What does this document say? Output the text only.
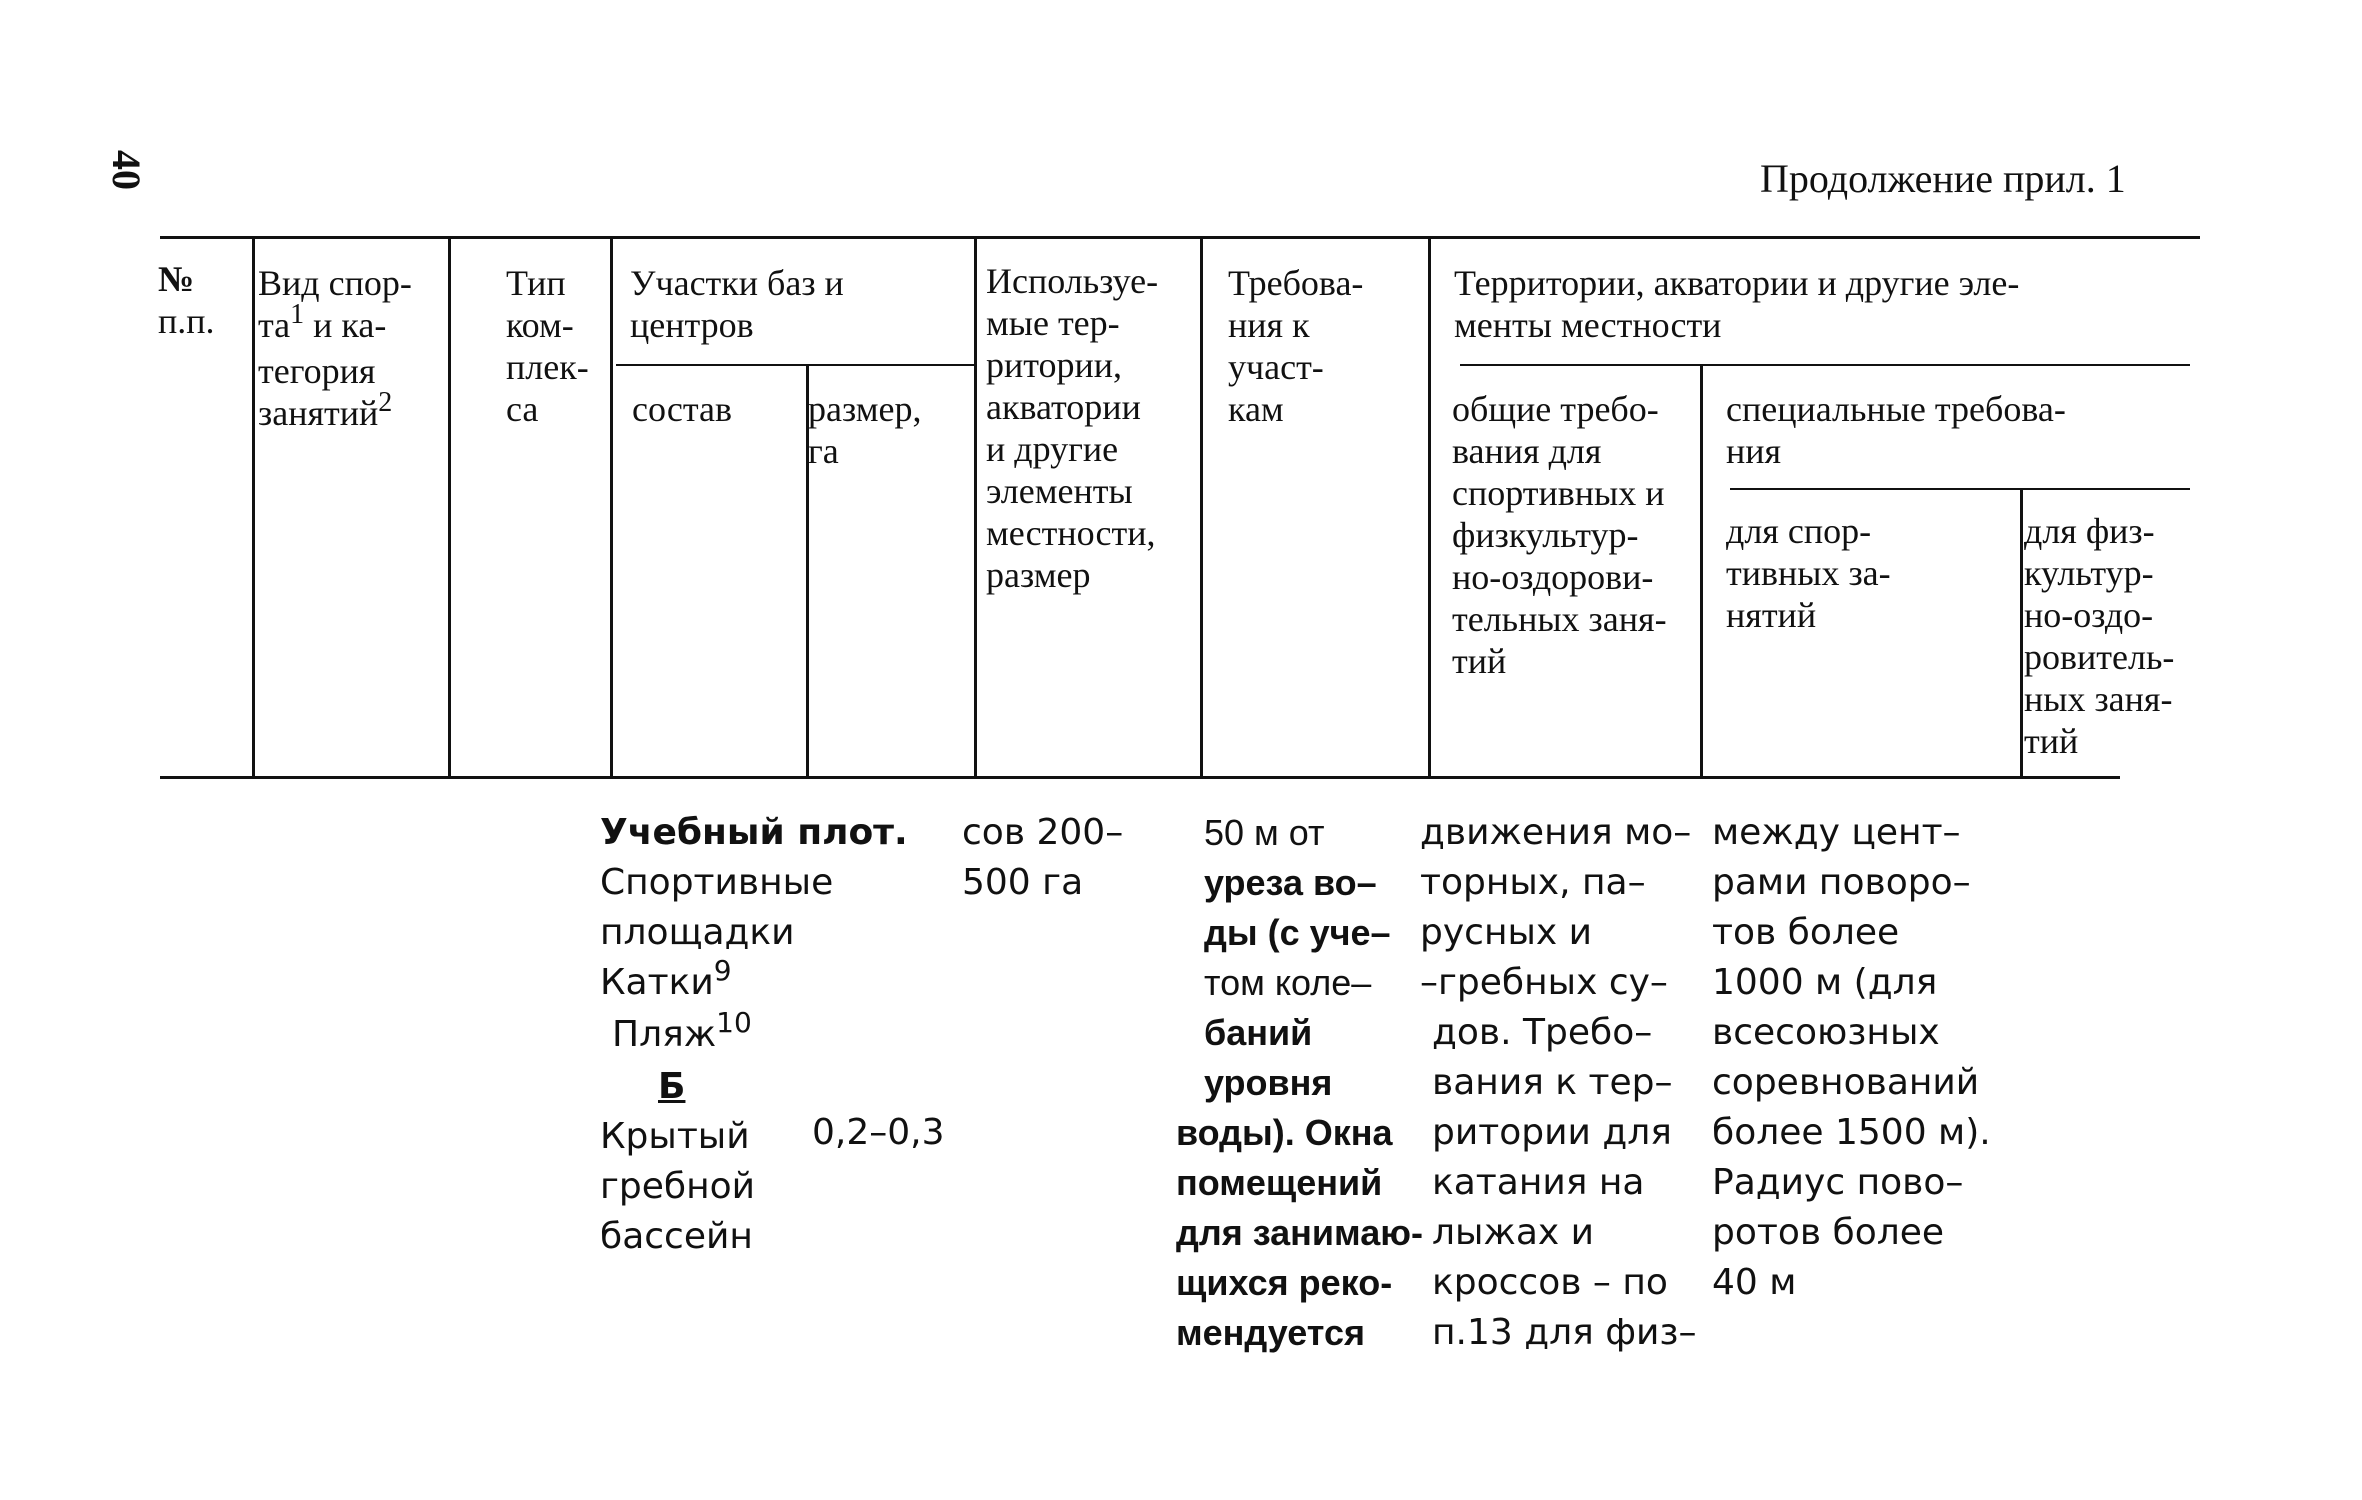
40	Продолжение прил. 1
№
п.п.
Вид спор-
$та^1$ и ка-
тегория
занятий$^2$
Тип
ком-
плек-
са
Участки баз и
центров
состав размер,
га
Используе-
мые тер-
ритории,
акватории
и другие
элементы
местности,
размер
Требова-
ния к
участ-
кам
Территории, акватории и другие эле-
менты местности
общие требо-
вания для
спортивных и
физкультур-
но-оздорови-
тельных заня-
тий
специальные требова-
ния
для спор-
тивных за-
нятий
для физ-
культур-
но-оздо-
ровитель-
ных заня-
тий
Учебный плот.
Спортивные
площадки
Катки$^9$
Пляж$^{10}$
Б
Крытый
гребной
бассейн
сов 200–
500 га
0,2–0,3
50 м от
уреза во–
ды (с уче–
том коле–
баний
уровня
воды). Окна
помещений
для занимаю-
щихся реко-
мендуется
движения мо–
торных, па–
русных и
–гребных су–
дов. Требо–
вания к тер–
ритории для
катания на
лыжах и
кроссов – по
п.13 для физ–
между цент–
рами поворо–
тов более
1000 м (для
всесоюзных
соревнований
более 1500 м).
Радиус пово–
ротов более
40 м
